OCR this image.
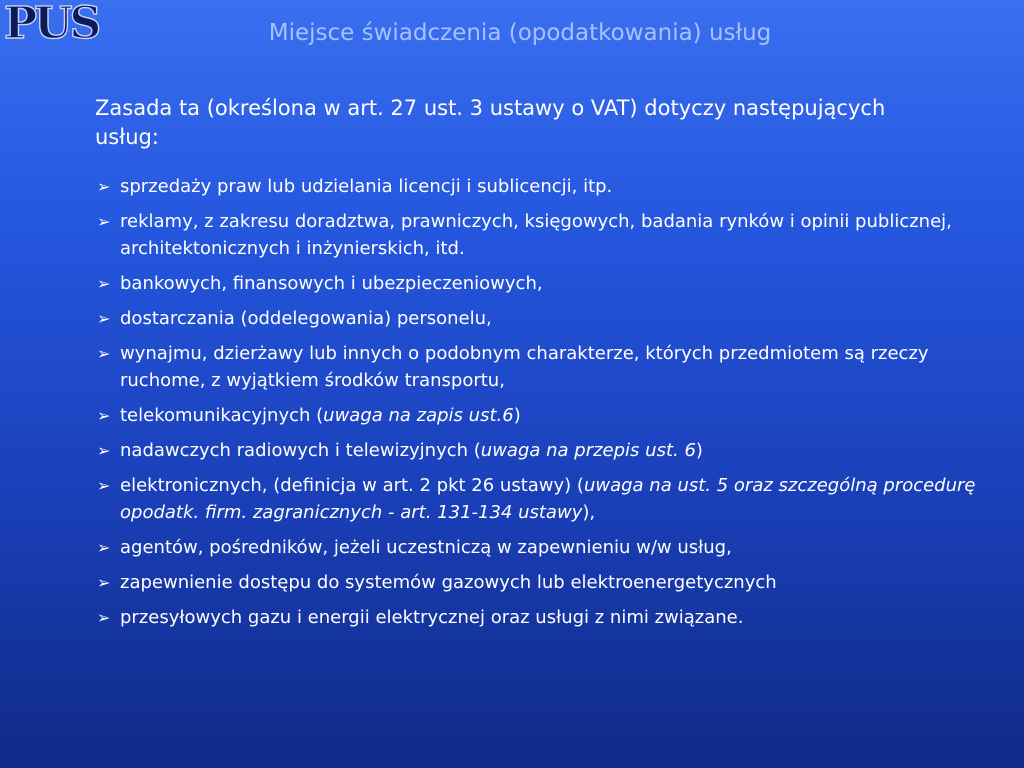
PUS	Miejsce świadczenia (opodatkowania) usług

Zasada ta (określona w art. 27 ust. 3 ustawy o VAT) dotyczy następujących usług:

➢ sprzedaży praw lub udzielania licencji i sublicencji, itp.
➢ reklamy, z zakresu doradztwa, prawniczych, księgowych, badania rynków i opinii publicznej, architektonicznych i inżynierskich, itd.
➢ bankowych, finansowych i ubezpieczeniowych,
➢ dostarczania (oddelegowania) personelu,
➢ wynajmu, dzierżawy lub innych o podobnym charakterze, których przedmiotem są rzeczy ruchome, z wyjątkiem środków transportu,
➢ telekomunikacyjnych (uwaga na zapis ust.6)
➢ nadawczych radiowych i telewizyjnych (uwaga na przepis ust. 6)
➢ elektronicznych, (definicja w art. 2 pkt 26 ustawy) (uwaga na ust. 5 oraz szczególną procedurę opodatk. firm. zagranicznych - art. 131-134 ustawy),
➢ agentów, pośredników, jeżeli uczestniczą w zapewnieniu w/w usług,
➢ zapewnienie dostępu do systemów gazowych lub elektroenergetycznych
➢ przesyłowych gazu i energii elektrycznej oraz usługi z nimi związane.
